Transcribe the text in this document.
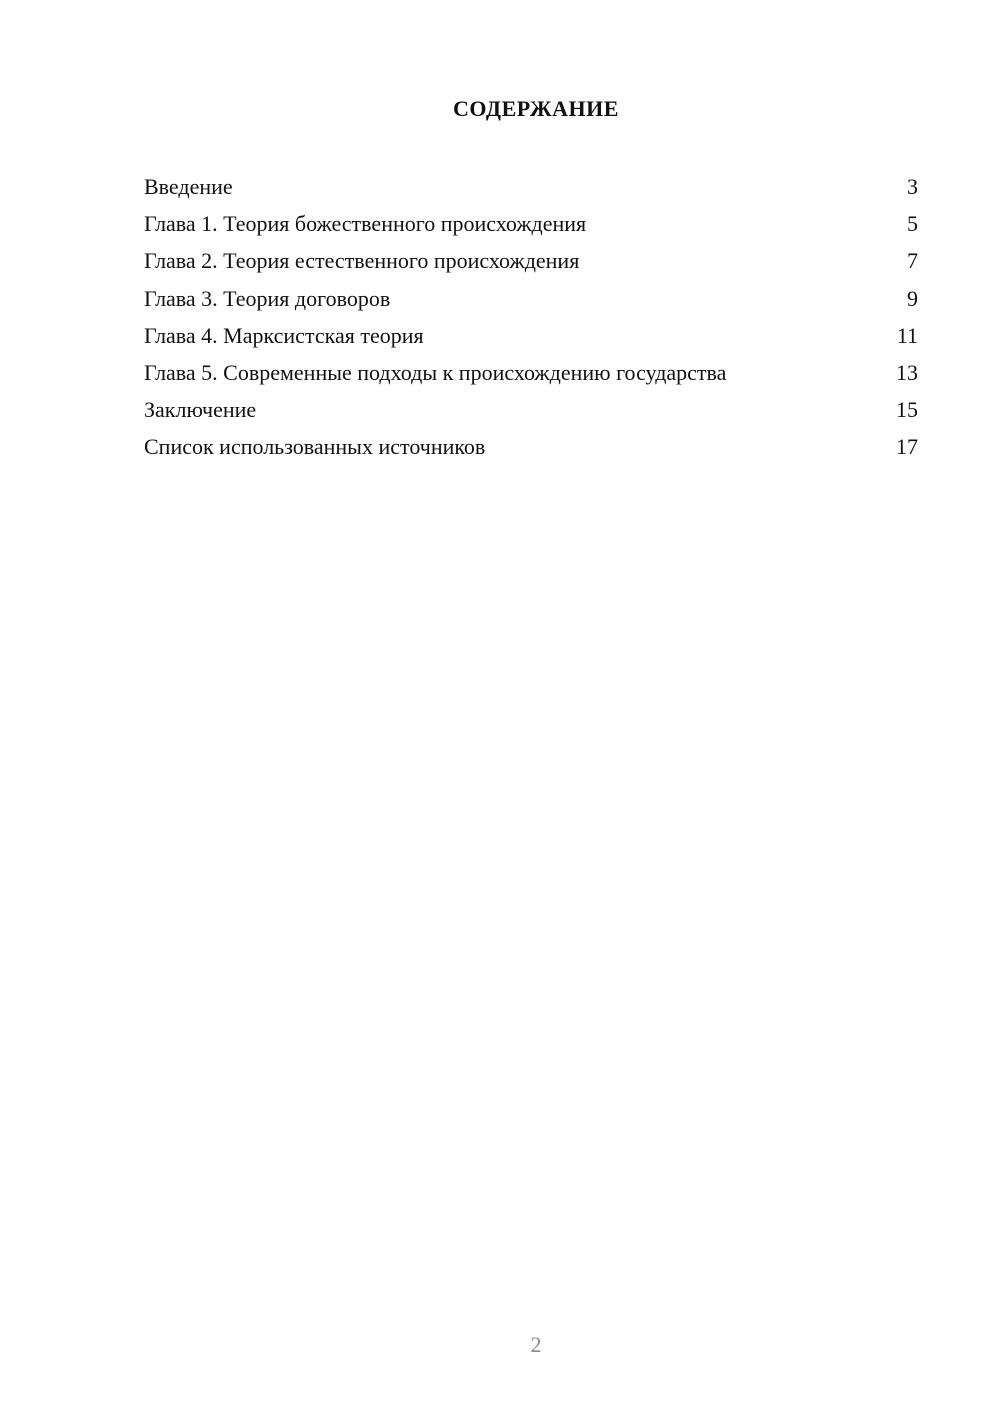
СОДЕРЖАНИЕ
Введение	3
Глава 1. Теория божественного происхождения	5
Глава 2. Теория естественного происхождения	7
Глава 3. Теория договоров	9
Глава 4. Марксистская теория	11
Глава 5. Современные подходы к происхождению государства	13
Заключение	15
Список использованных источников	17
2
